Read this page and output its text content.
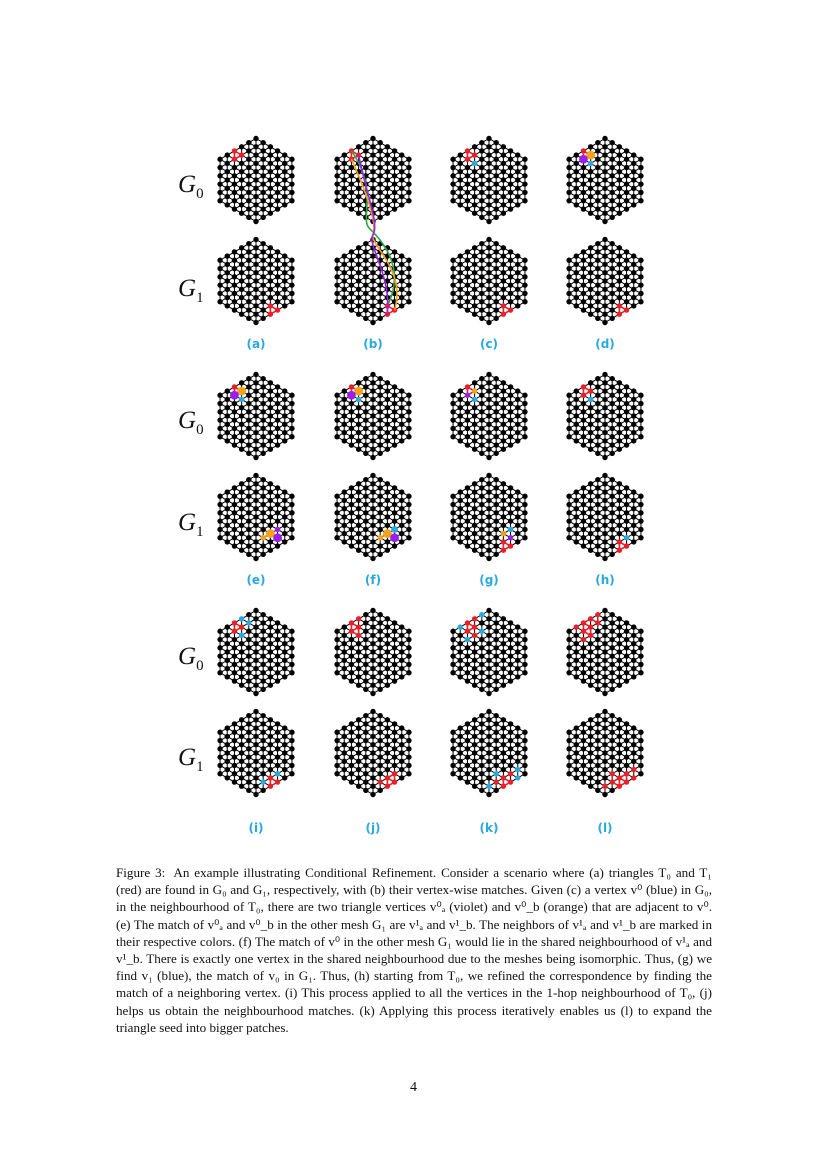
$G_0$
$G_1$
$G_0$
$G_1$
$G_0$
$G_1$
(a)	(b)	(c)	(d)
(e)	(f)	(g)	(h)
(i)	(j)	(k)	(l)
Figure 3: An example illustrating Conditional Refinement. Consider a scenario where (a) triangles T₀ and T₁ (red) are found in G₀ and G₁, respectively, with (b) their vertex-wise matches. Given (c) a vertex v⁰ (blue) in G₀, in the neighbourhood of T₀, there are two triangle vertices v⁰ₐ (violet) and v⁰_b (orange) that are adjacent to v⁰. (e) The match of v⁰ₐ and v⁰_b in the other mesh G₁ are v¹ₐ and v¹_b. The neighbors of v¹ₐ and v¹_b are marked in their respective colors. (f) The match of v⁰ in the other mesh G₁ would lie in the shared neighbourhood of v¹ₐ and v¹_b. There is exactly one vertex in the shared neighbourhood due to the meshes being isomorphic. Thus, (g) we find v₁ (blue), the match of v₀ in G₁. Thus, (h) starting from T₀, we refined the correspondence by finding the match of a neighboring vertex. (i) This process applied to all the vertices in the 1-hop neighbourhood of T₀, (j) helps us obtain the neighbourhood matches. (k) Applying this process iteratively enables us (l) to expand the triangle seed into bigger patches.
4
